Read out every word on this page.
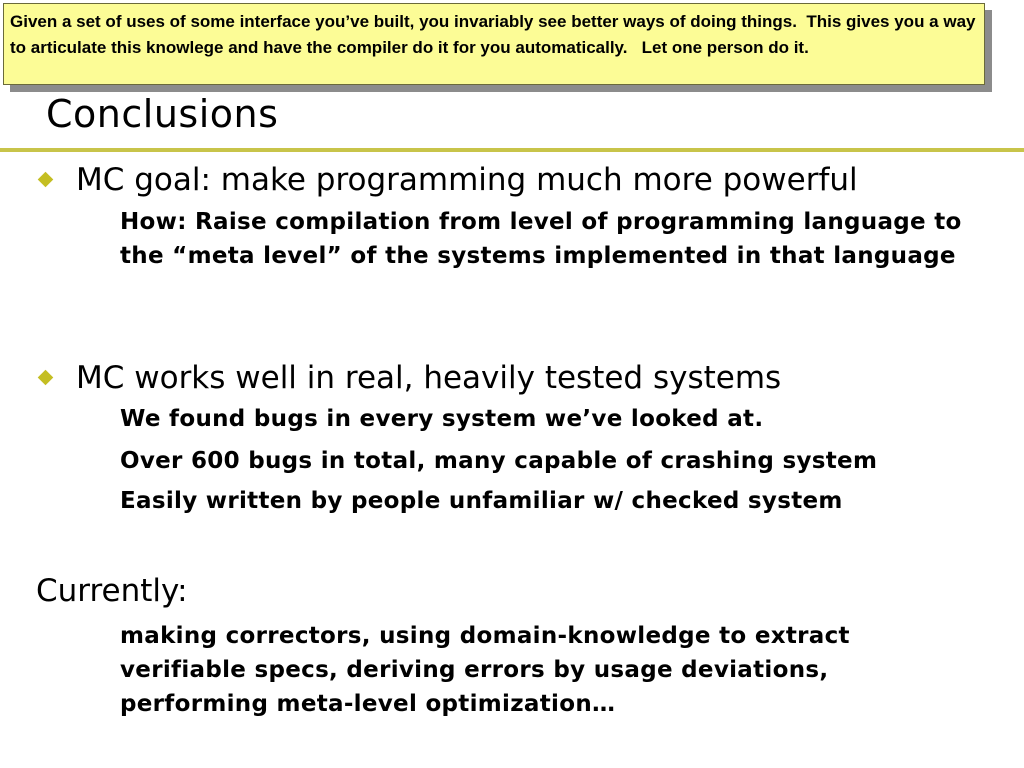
Given a set of uses of some interface you’ve built, you invariably see better ways of doing things.  This gives you a way to articulate this knowlege and have the compiler do it for you automatically.   Let one person do it.
Conclusions
MC goal: make programming much more powerful
How: Raise compilation from level of programming language to the “meta level” of the systems implemented in that language
MC works well in real, heavily tested systems
We found bugs in every system we’ve looked at.
Over 600 bugs in total, many capable of crashing system
Easily written by people unfamiliar w/ checked system
Currently:
making correctors, using domain-knowledge to extract verifiable specs, deriving errors by usage deviations, performing meta-level optimization…
